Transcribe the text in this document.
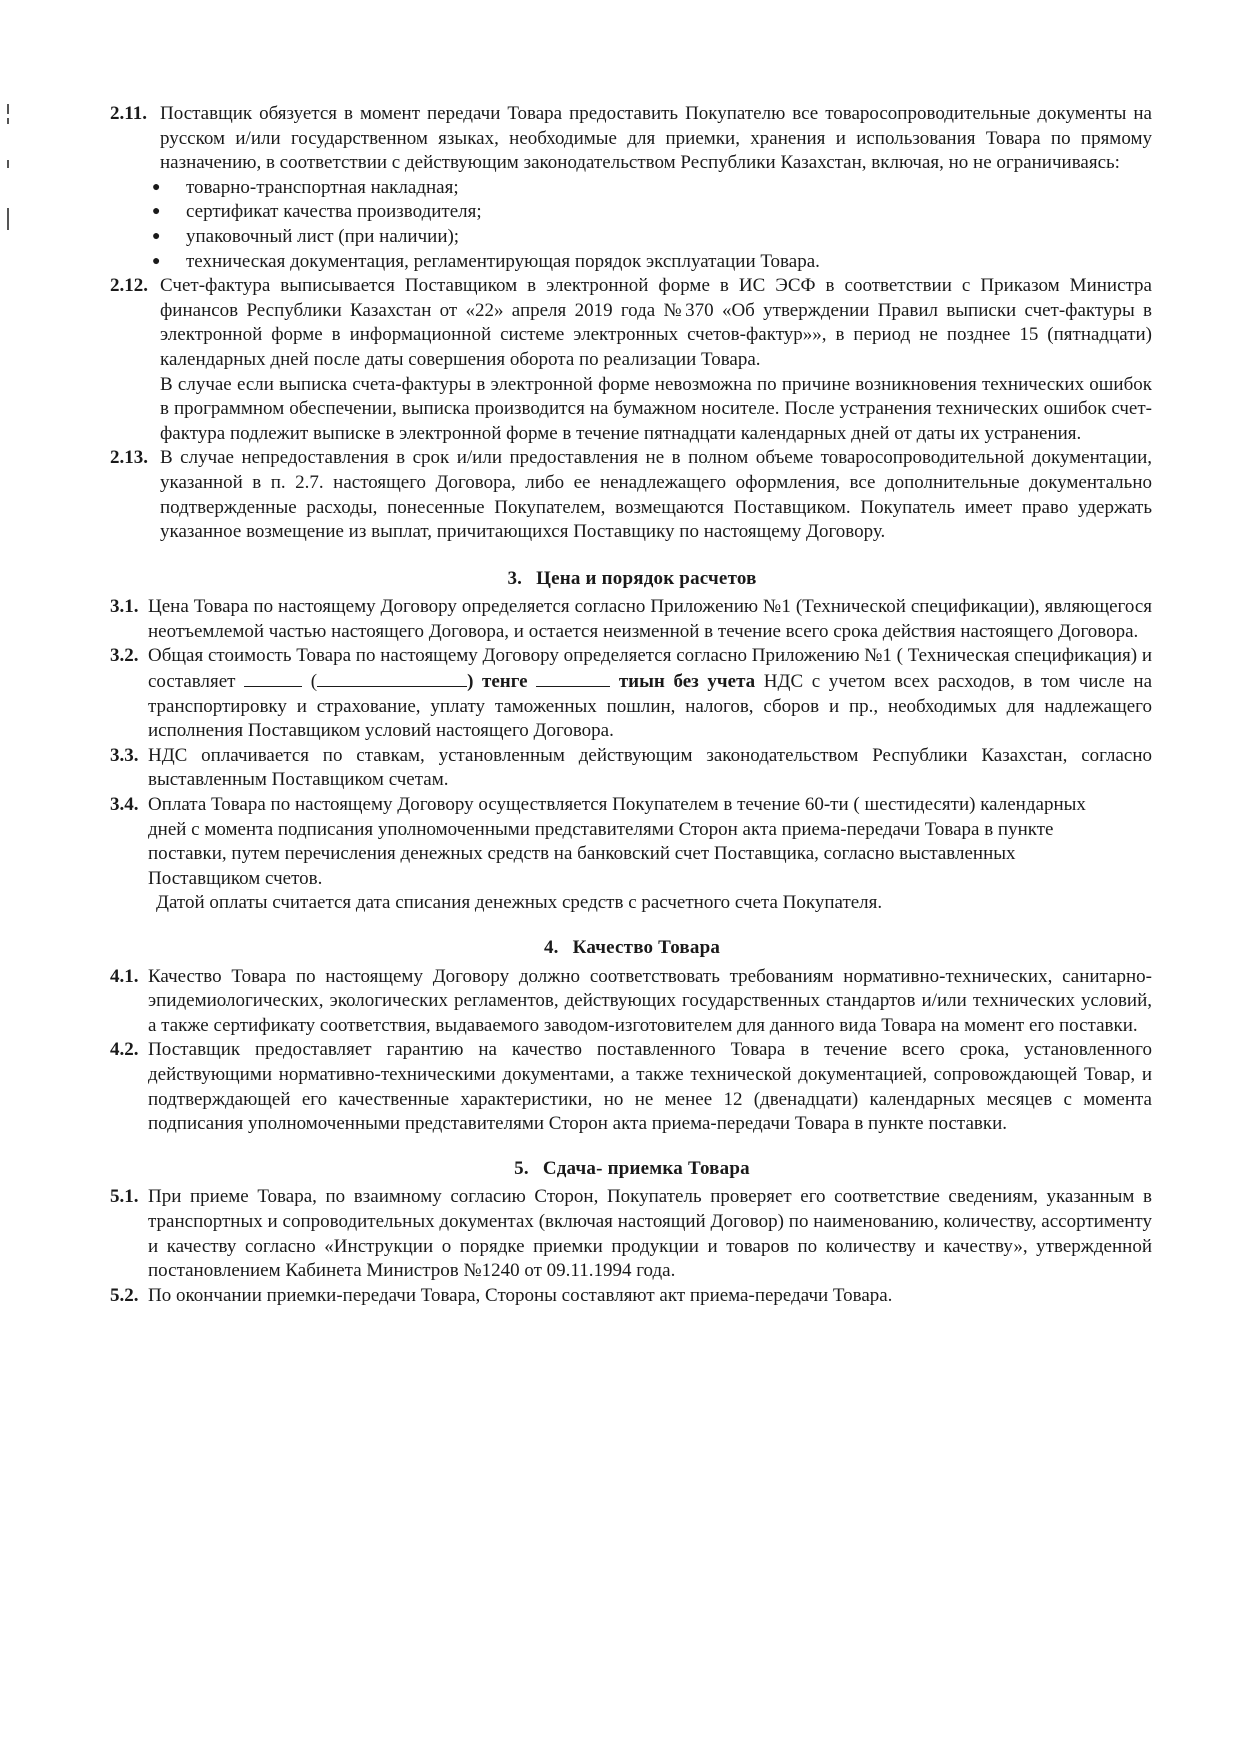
2.11. Поставщик обязуется в момент передачи Товара предоставить Покупателю все товаросопроводительные документы на русском и/или государственном языках, необходимые для приемки, хранения и использования Товара по прямому назначению, в соответствии с действующим законодательством Республики Казахстан, включая, но не ограничиваясь:

●	товарно-транспортная накладная;
●	сертификат качества производителя;
●	упаковочный лист (при наличии);
●	техническая документация, регламентирующая порядок эксплуатации Товара.
2.12. Счет-фактура выписывается Поставщиком в электронной форме в ИС ЭСФ в соответствии с Приказом Министра финансов Республики Казахстан от «22» апреля 2019 года №370 «Об утверждении Правил выписки счет-фактуры в электронной форме в информационной системе электронных счетов-фактур»», в период не позднее 15 (пятнадцати) календарных дней после даты совершения оборота по реализации Товара.

В случае если выписка счета-фактуры в электронной форме невозможна по причине возникновения технических ошибок в программном обеспечении, выписка производится на бумажном носителе. После устранения технических ошибок счет-фактура подлежит выписке в электронной форме в течение пятнадцати календарных дней от даты их устранения.

2.13. В случае непредоставления в срок и/или предоставления не в полном объеме товаросопроводительной документации, указанной в п. 2.7. настоящего Договора, либо ее ненадлежащего оформления, все дополнительные документально подтвержденные расходы, понесенные Покупателем, возмещаются Поставщиком. Покупатель имеет право удержать указанное возмещение из выплат, причитающихся Поставщику по настоящему Договору.

3. Цена и порядок расчетов
3.1. Цена Товара по настоящему Договору определяется согласно Приложению №1 (Технической спецификации), являющегося неотъемлемой частью настоящего Договора, и остается неизменной в течение всего срока действия настоящего Договора.

3.2. Общая стоимость Товара по настоящему Договору определяется согласно Приложению №1 ( Техническая спецификация) и составляет	(	) тенге	тиын без учета НДС с учетом всех расходов, в том числе на транспортировку и страхование, уплату таможенных пошлин, налогов, сборов и пр., необходимых для надлежащего исполнения Поставщиком условий настоящего Договора.

3.3. НДС оплачивается по ставкам, установленным действующим законодательством Республики Казахстан, согласно выставленным Поставщиком счетам.

3.4. Оплата Товара по настоящему Договору осуществляется Покупателем в течение 60-ти ( шестидесяти) календарных дней с момента подписания уполномоченными представителями Сторон акта приема-передачи Товара в пункте поставки, путем перечисления денежных средств на банковский счет Поставщика, согласно выставленных Поставщиком счетов.

Датой оплаты считается дата списания денежных средств с расчетного счета Покупателя.

4. Качество Товара
4.1. Качество Товара по настоящему Договору должно соответствовать требованиям нормативно-технических, санитарно-эпидемиологических, экологических регламентов, действующих государственных стандартов и/или технических условий, а также сертификату соответствия, выдаваемого заводом-изготовителем для данного вида Товара на момент его поставки.

4.2. Поставщик предоставляет гарантию на качество поставленного Товара в течение всего срока, установленного действующими нормативно-техническими документами, а также технической документацией, сопровождающей Товар, и подтверждающей его качественные характеристики, но не менее 12 (двенадцати) календарных месяцев с момента подписания уполномоченными представителями Сторон акта приема-передачи Товара в пункте поставки.

5. Сдача- приемка Товара
5.1. При приеме Товара, по взаимному согласию Сторон, Покупатель проверяет его соответствие сведениям, указанным в транспортных и сопроводительных документах (включая настоящий Договор) по наименованию, количеству, ассортименту и качеству согласно «Инструкции о порядке приемки продукции и товаров по количеству и качеству», утвержденной постановлением Кабинета Министров №1240 от 09.11.1994 года.

5.2. По окончании приемки-передачи Товара, Стороны составляют акт приема-передачи Товара.
